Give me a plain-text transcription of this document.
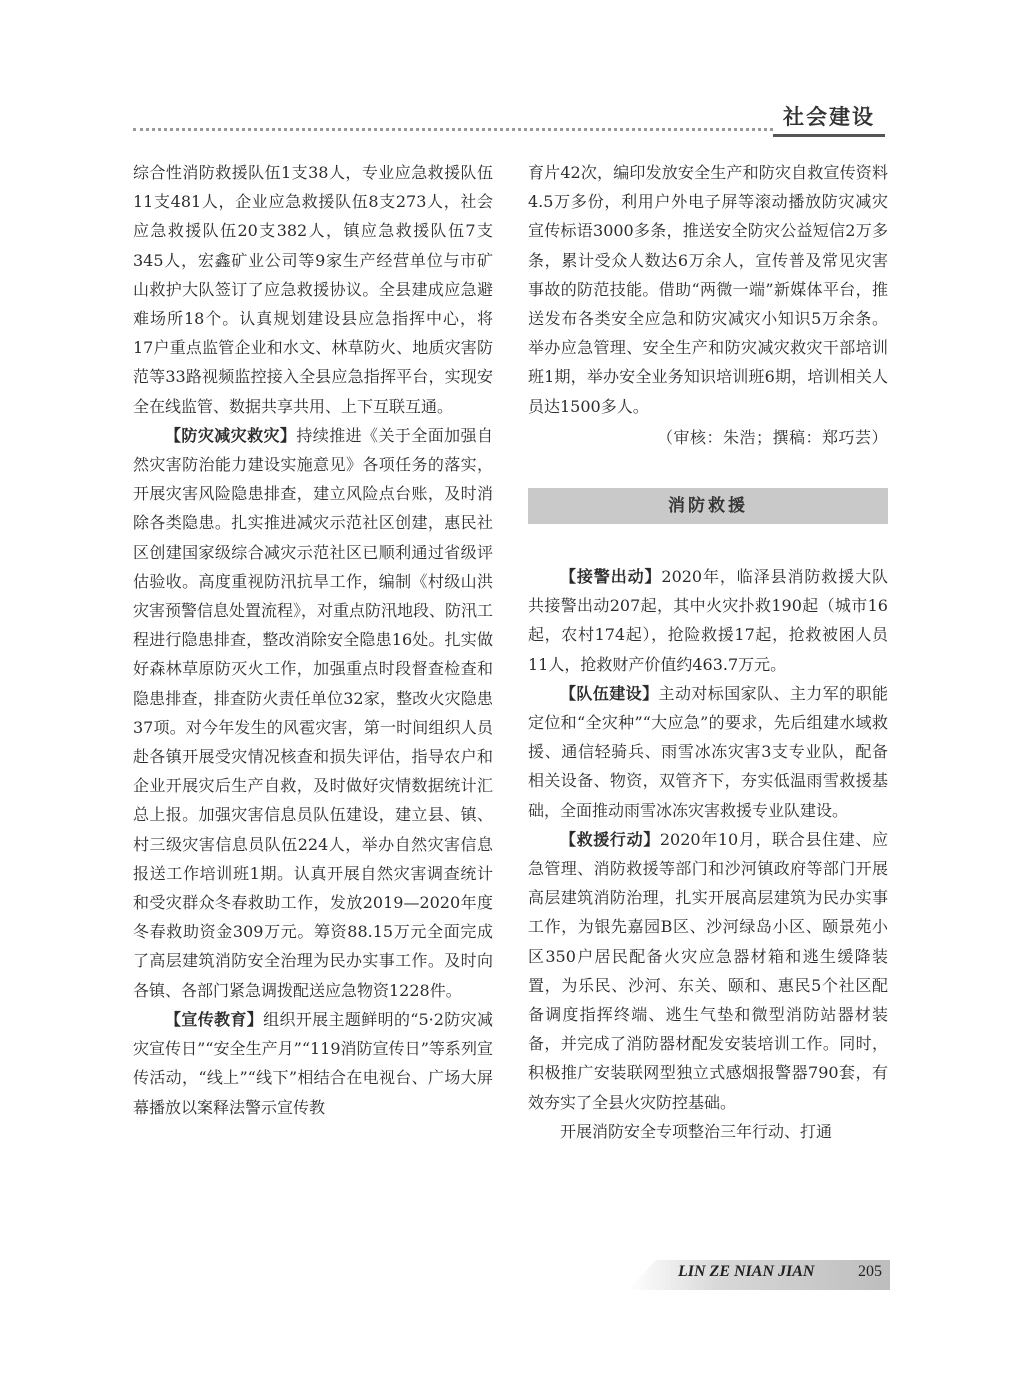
社会建设

综合性消防救援队伍1支38人，专业应急救援队伍11支481人，企业应急救援队伍8支273人，社会应急救援队伍20支382人，镇应急救援队伍7支345人，宏鑫矿业公司等9家生产经营单位与市矿山救护大队签订了应急救援协议。全县建成应急避难场所18个。认真规划建设县应急指挥中心，将17户重点监管企业和水文、林草防火、地质灾害防范等33路视频监控接入全县应急指挥平台，实现安全在线监管、数据共享共用、上下互联互通。

【防灾减灾救灾】持续推进《关于全面加强自然灾害防治能力建设实施意见》各项任务的落实，开展灾害风险隐患排查，建立风险点台账，及时消除各类隐患。扎实推进减灾示范社区创建，惠民社区创建国家级综合减灾示范社区已顺利通过省级评估验收。高度重视防汛抗旱工作，编制《村级山洪灾害预警信息处置流程》，对重点防汛地段、防汛工程进行隐患排查，整改消除安全隐患16处。扎实做好森林草原防灭火工作，加强重点时段督查检查和隐患排查，排查防火责任单位32家，整改火灾隐患37项。对今年发生的风雹灾害，第一时间组织人员赴各镇开展受灾情况核查和损失评估，指导农户和企业开展灾后生产自救，及时做好灾情数据统计汇总上报。加强灾害信息员队伍建设，建立县、镇、村三级灾害信息员队伍224人，举办自然灾害信息报送工作培训班1期。认真开展自然灾害调查统计和受灾群众冬春救助工作，发放2019—2020年度冬春救助资金309万元。筹资88.15万元全面完成了高层建筑消防安全治理为民办实事工作。及时向各镇、各部门紧急调拨配送应急物资1228件。

【宣传教育】组织开展主题鲜明的“5·2防灾减灾宣传日”“安全生产月”“119消防宣传日”等系列宣传活动，“线上”“线下”相结合在电视台、广场大屏幕播放以案释法警示宣传教

育片42次，编印发放安全生产和防灾自救宣传资料4.5万多份，利用户外电子屏等滚动播放防灾减灾宣传标语3000多条，推送安全防灾公益短信2万多条，累计受众人数达6万余人，宣传普及常见灾害事故的防范技能。借助“两微一端”新媒体平台，推送发布各类安全应急和防灾减灾小知识5万余条。举办应急管理、安全生产和防灾减灾救灾干部培训班1期，举办安全业务知识培训班6期，培训相关人员达1500多人。

（审核：朱浩；撰稿：郑巧芸）

消防救援

【接警出动】2020年，临泽县消防救援大队共接警出动207起，其中火灾扑救190起（城市16起，农村174起），抢险救援17起，抢救被困人员11人，抢救财产价值约463.7万元。

【队伍建设】主动对标国家队、主力军的职能定位和“全灾种”“大应急”的要求，先后组建水域救援、通信轻骑兵、雨雪冰冻灾害3支专业队，配备相关设备、物资，双管齐下，夯实低温雨雪救援基础，全面推动雨雪冰冻灾害救援专业队建设。

【救援行动】2020年10月，联合县住建、应急管理、消防救援等部门和沙河镇政府等部门开展高层建筑消防治理，扎实开展高层建筑为民办实事工作，为银先嘉园B区、沙河绿岛小区、颐景苑小区350户居民配备火灾应急器材箱和逃生缓降装置，为乐民、沙河、东关、颐和、惠民5个社区配备调度指挥终端、逃生气垫和微型消防站器材装备，并完成了消防器材配发安装培训工作。同时，积极推广安装联网型独立式感烟报警器790套，有效夯实了全县火灾防控基础。

开展消防安全专项整治三年行动、打通

LIN ZE NIAN JIAN	205
